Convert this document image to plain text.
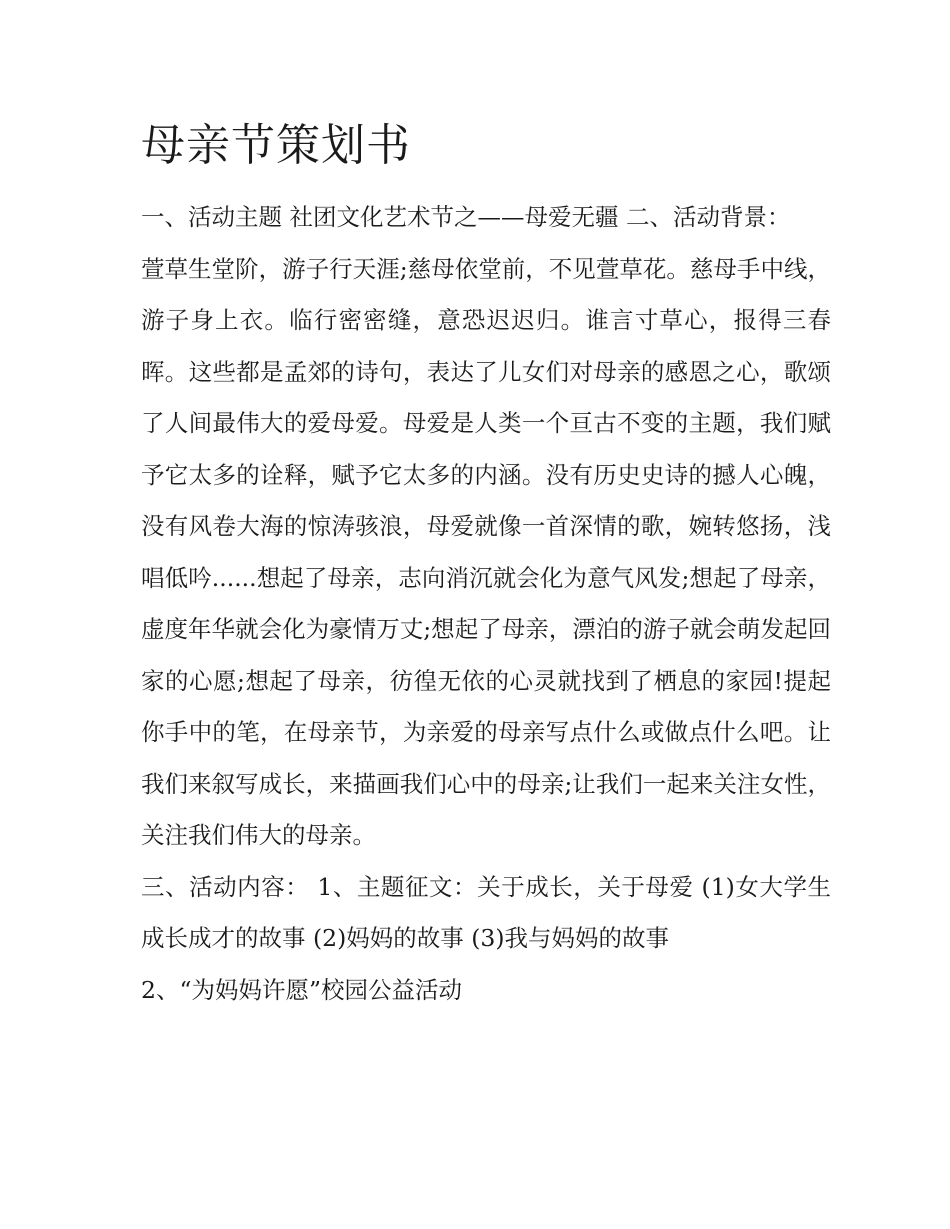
母亲节策划书

一、活动主题 社团文化艺术节之——母爱无疆 二、活动背景：

萱草生堂阶，游子行天涯;慈母依堂前，不见萱草花。慈母手中线，游子身上衣。临行密密缝，意恐迟迟归。谁言寸草心，报得三春晖。这些都是孟郊的诗句，表达了儿女们对母亲的感恩之心，歌颂了人间最伟大的爱母爱。母爱是人类一个亘古不变的主题，我们赋予它太多的诠释，赋予它太多的内涵。没有历史史诗的撼人心魄，没有风卷大海的惊涛骇浪，母爱就像一首深情的歌，婉转悠扬，浅唱低吟......想起了母亲，志向消沉就会化为意气风发;想起了母亲，虚度年华就会化为豪情万丈;想起了母亲，漂泊的游子就会萌发起回家的心愿;想起了母亲，彷徨无依的心灵就找到了栖息的家园!提起你手中的笔，在母亲节，为亲爱的母亲写点什么或做点什么吧。让我们来叙写成长，来描画我们心中的母亲;让我们一起来关注女性，关注我们伟大的母亲。

三、活动内容： 1、主题征文：关于成长，关于母爱 (1)女大学生成长成才的故事 (2)妈妈的故事 (3)我与妈妈的故事

2、“为妈妈许愿”校园公益活动
